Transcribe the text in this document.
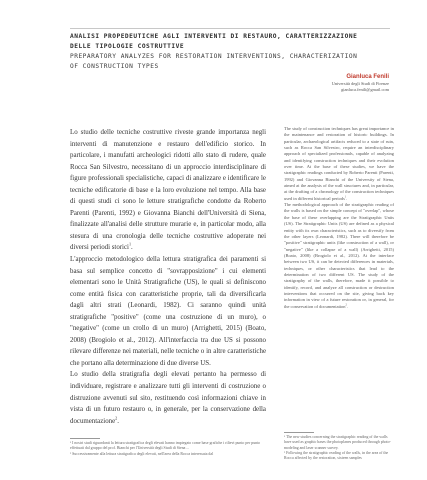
ANALISI PROPEDEUTICHE AGLI INTERVENTI DI RESTAURO, CARATTERIZZAZIONE
DELLE TIPOLOGIE COSTRUTTIVE
PREPARATORY ANALYZES FOR RESTORATION INTERVENTIONS, CHARACTERIZATION
OF CONSTRUCTION TYPES
Gianluca Fenili
Università degli Studi di Firenze
gianluca.fenili@gmail.com

Lo studio delle tecniche costruttive riveste grande importanza negli interventi di manutenzione e restauro dell'edificio storico. In particolare, i manufatti archeologici ridotti allo stato di rudere, quale Rocca San Silvestro, necessitano di un approccio interdisciplinare di figure professionali specialistiche, capaci di analizzare e identificare le tecniche edificatorie di base e la loro evoluzione nel tempo. Alla base di questi studi ci sono le letture stratigrafiche condotte da Roberto Parenti (Parenti, 1992) e Giovanna Bianchi dell'Università di Siena, finalizzate all'analisi delle strutture murarie e, in particolar modo, alla stesura di una cronologia delle tecniche costruttive adoperate nei diversi periodi storici$^1$.

L'approccio metodologico della lettura stratigrafica dei paramenti si basa sul semplice concetto di "sovrapposizione" i cui elementi elementari sono le Unità Stratigrafiche (US), le quali si definiscono come entità fisica con caratteristiche proprie, tali da diversificarla dagli altri strati (Leonardi, 1982). Ci saranno quindi unità stratigrafiche "positive" (come una costruzione di un muro), o "negative" (come un crollo di un muro) (Arrighetti, 2015) (Boato, 2008) (Brogiolo et al., 2012). All'interfaccia tra due US si possono rilevare differenze nei materiali, nelle tecniche o in altre caratteristiche che portano alla determinazione di due diverse US.

Lo studio della stratigrafia degli elevati pertanto ha permesso di individuare, registrare e analizzare tutti gli interventi di costruzione o distruzione avvenuti sul sito, restituendo così informazioni chiave in vista di un futuro restauro o, in generale, per la conservazione della documentazione$^2$.

The study of construction techniques has great importance in the maintenance and restoration of historic buildings. In particular, archaeological artifacts reduced to a state of ruin, such as Rocca San Silvestro, require an interdisciplinary approach of specialized professionals, capable of analyzing and identifying construction techniques and their evolution over time. At the base of these studies, we have the stratigraphic readings conducted by Roberto Parenti (Parenti, 1992) and Giovanna Bianchi of the University of Siena, aimed at the analysis of the wall structures and, in particular, at the drafting of a chronology of the construction techniques used in different historical periods$^1$.

The methodological approach of the stratigraphic reading of the walls is based on the simple concept of "overlap", whose the base of these overlapping are the Stratigraphic Units (US). The Stratigraphic Units (US) are defined as a physical entity with its own characteristics, such as to diversify from the other layers (Leonardi, 1982). There will therefore be "positive" stratigraphic units (like construction of a wall), or "negative" (like a collapse of a wall) (Arrighetti, 2015) (Boato, 2008) (Brogiolo et al., 2012). At the interface between two US, it can be detected differences in materials, techniques, or other characteristics that lead to the determination of two different US. The study of the stratigraphy of the walls, therefore, made it possible to identify, record, and analyze all construction or destruction interventions that occurred on the site, giving back key information in view of a future restoration or, in general, for the conservation of documentation$^2$.

¹ I nostri studi riguardanti la lettura stratigrafica degli elevati hanno impiegato come base grafiche i rilievi punto per punto effettuati dal gruppo del prof. Bianchi per l'Università degli Studi di Siena ...

² Successivamente alla lettura stratigrafica degli elevati, nell'area della Rocca interessata dal

¹ The new studies concerning the stratigraphic reading of the walls have used as graphic bases the photoplanes produced through photo-modeling and laser scanner survey.

² Following the stratigraphic reading of the walls, in the area of the Rocca affected by the restoration, sixteen samples
